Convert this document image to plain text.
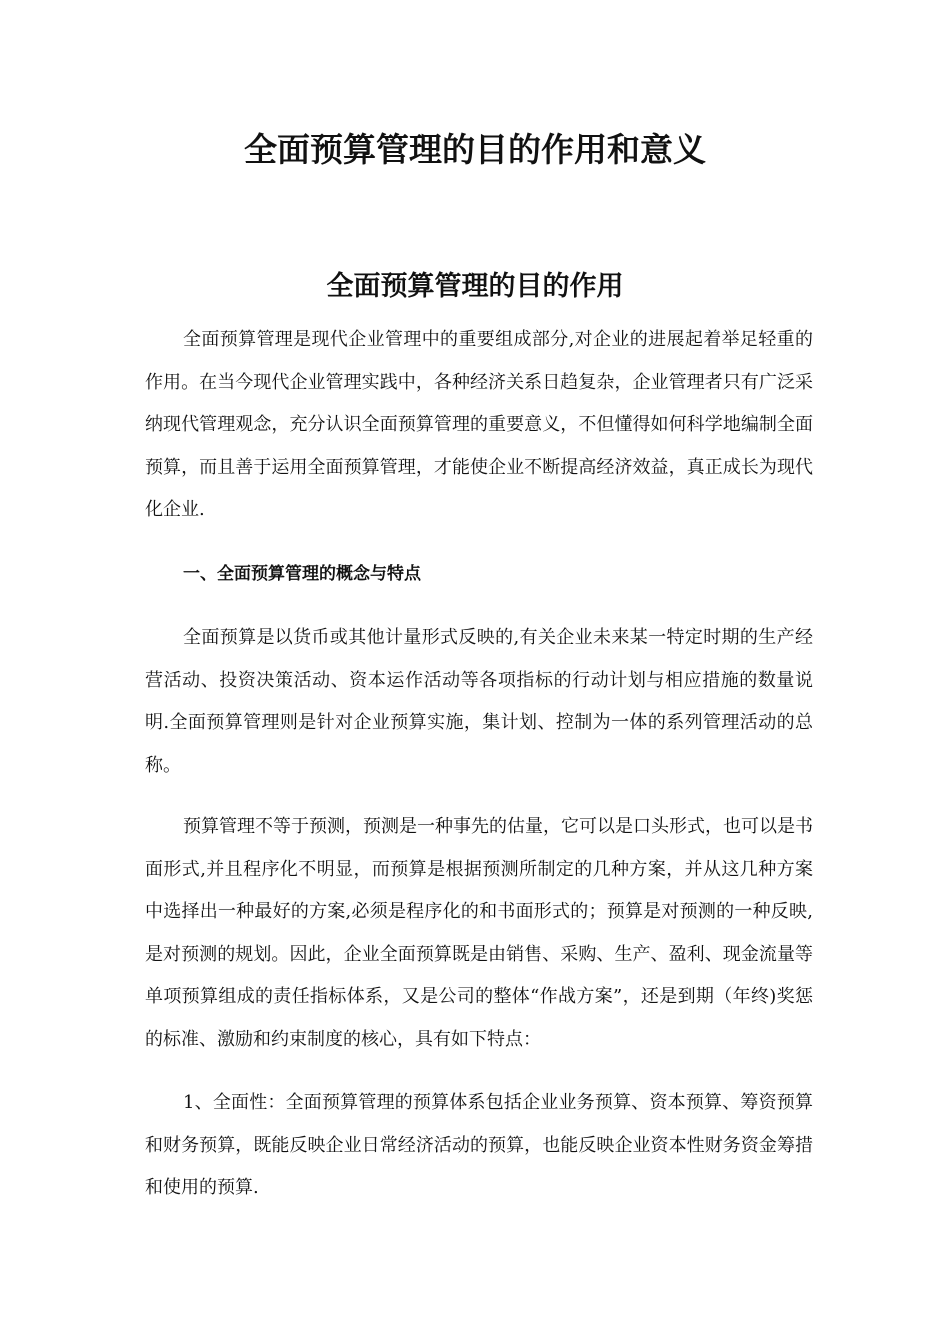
全面预算管理的目的作用和意义
全面预算管理的目的作用

全面预算管理是现代企业管理中的重要组成部分,对企业的进展起着举足轻重的作用。在当今现代企业管理实践中，各种经济关系日趋复杂，企业管理者只有广泛采纳现代管理观念，充分认识全面预算管理的重要意义，不但懂得如何科学地编制全面预算，而且善于运用全面预算管理，才能使企业不断提高经济效益，真正成长为现代化企业.

一、全面预算管理的概念与特点

全面预算是以货币或其他计量形式反映的,有关企业未来某一特定时期的生产经营活动、投资决策活动、资本运作活动等各项指标的行动计划与相应措施的数量说明.全面预算管理则是针对企业预算实施，集计划、控制为一体的系列管理活动的总称。

预算管理不等于预测，预测是一种事先的估量，它可以是口头形式，也可以是书面形式,并且程序化不明显，而预算是根据预测所制定的几种方案，并从这几种方案中选择出一种最好的方案,必须是程序化的和书面形式的；预算是对预测的一种反映,是对预测的规划。因此，企业全面预算既是由销售、采购、生产、盈利、现金流量等单项预算组成的责任指标体系，又是公司的整体“作战方案”，还是到期（年终)奖惩的标准、激励和约束制度的核心，具有如下特点：

1、全面性：全面预算管理的预算体系包括企业业务预算、资本预算、筹资预算和财务预算，既能反映企业日常经济活动的预算，也能反映企业资本性财务资金筹措和使用的预算.
